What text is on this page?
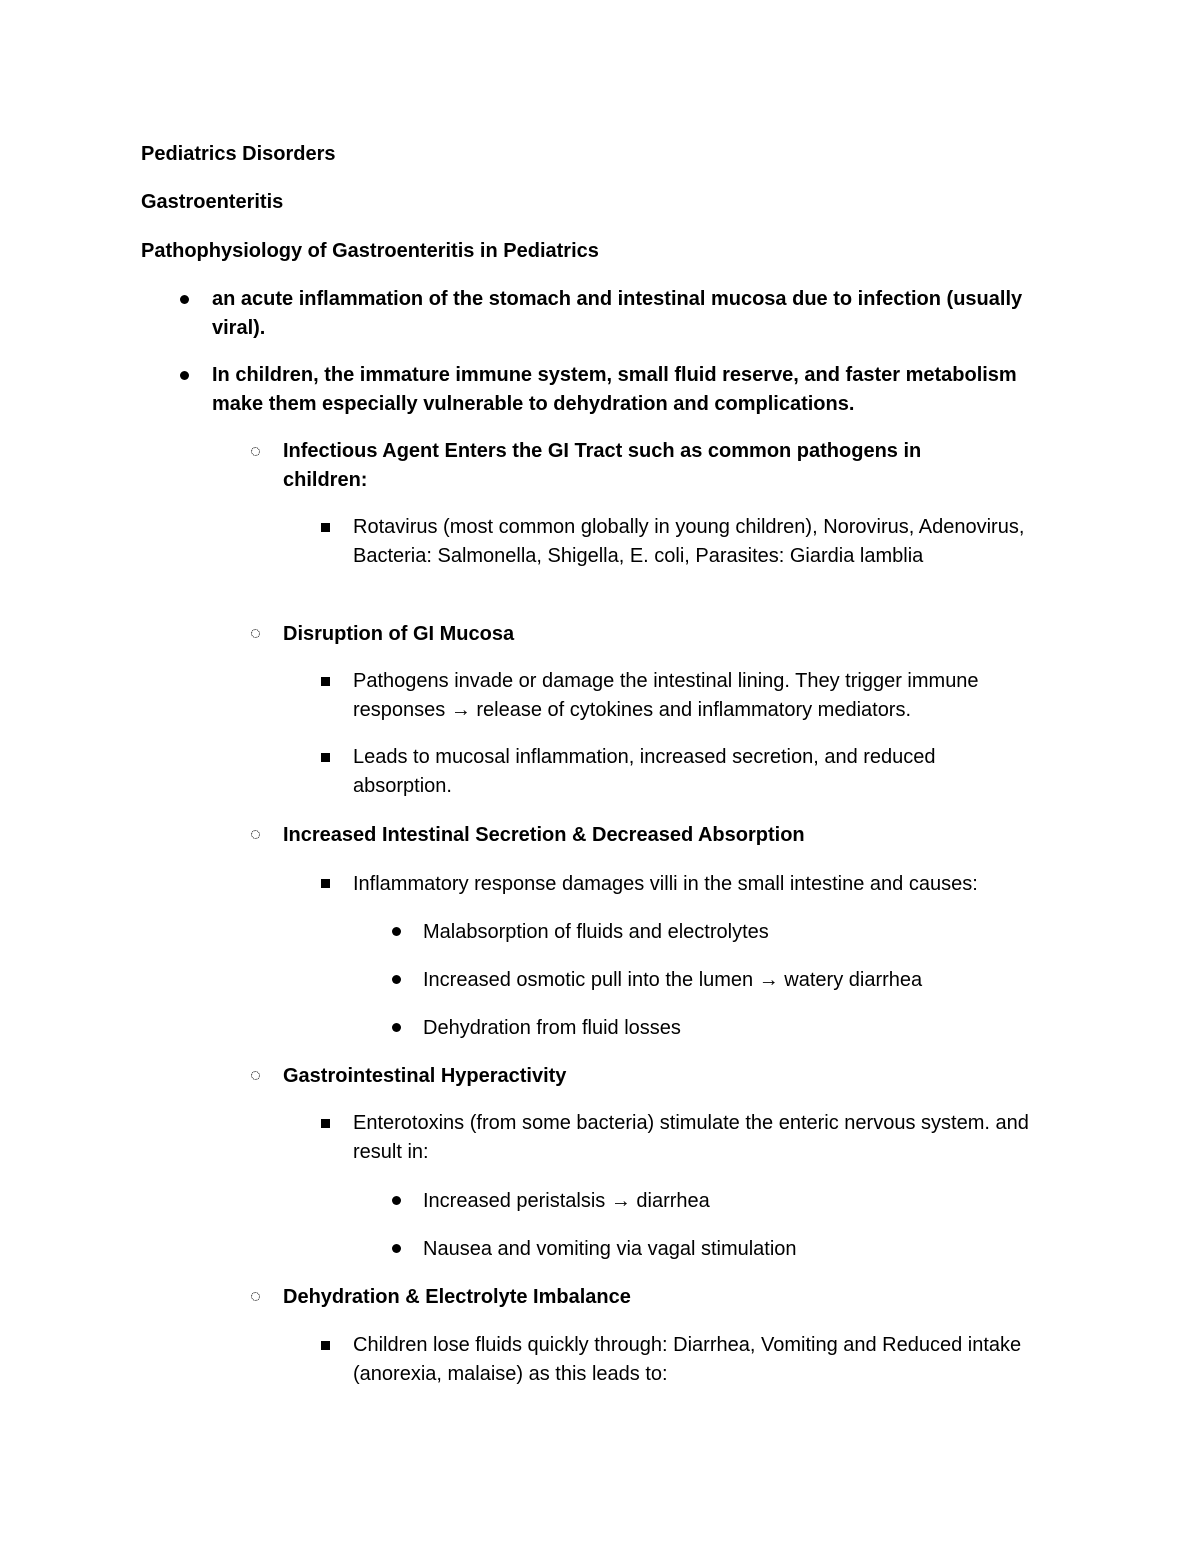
Pediatrics Disorders
Gastroenteritis
Pathophysiology of Gastroenteritis in Pediatrics
an acute inflammation of the stomach and intestinal mucosa due to infection (usually viral).
In children, the immature immune system, small fluid reserve, and faster metabolism make them especially vulnerable to dehydration and complications.
Infectious Agent Enters the GI Tract such as common pathogens in children:
Rotavirus (most common globally in young children), Norovirus, Adenovirus, Bacteria: Salmonella, Shigella, E. coli, Parasites: Giardia lamblia
Disruption of GI Mucosa
Pathogens invade or damage the intestinal lining. They trigger immune responses → release of cytokines and inflammatory mediators.
Leads to mucosal inflammation, increased secretion, and reduced absorption.
Increased Intestinal Secretion & Decreased Absorption
Inflammatory response damages villi in the small intestine and causes:
Malabsorption of fluids and electrolytes
Increased osmotic pull into the lumen → watery diarrhea
Dehydration from fluid losses
Gastrointestinal Hyperactivity
Enterotoxins (from some bacteria) stimulate the enteric nervous system. and result in:
Increased peristalsis → diarrhea
Nausea and vomiting via vagal stimulation
Dehydration & Electrolyte Imbalance
Children lose fluids quickly through: Diarrhea, Vomiting and Reduced intake (anorexia, malaise) as this leads to:
